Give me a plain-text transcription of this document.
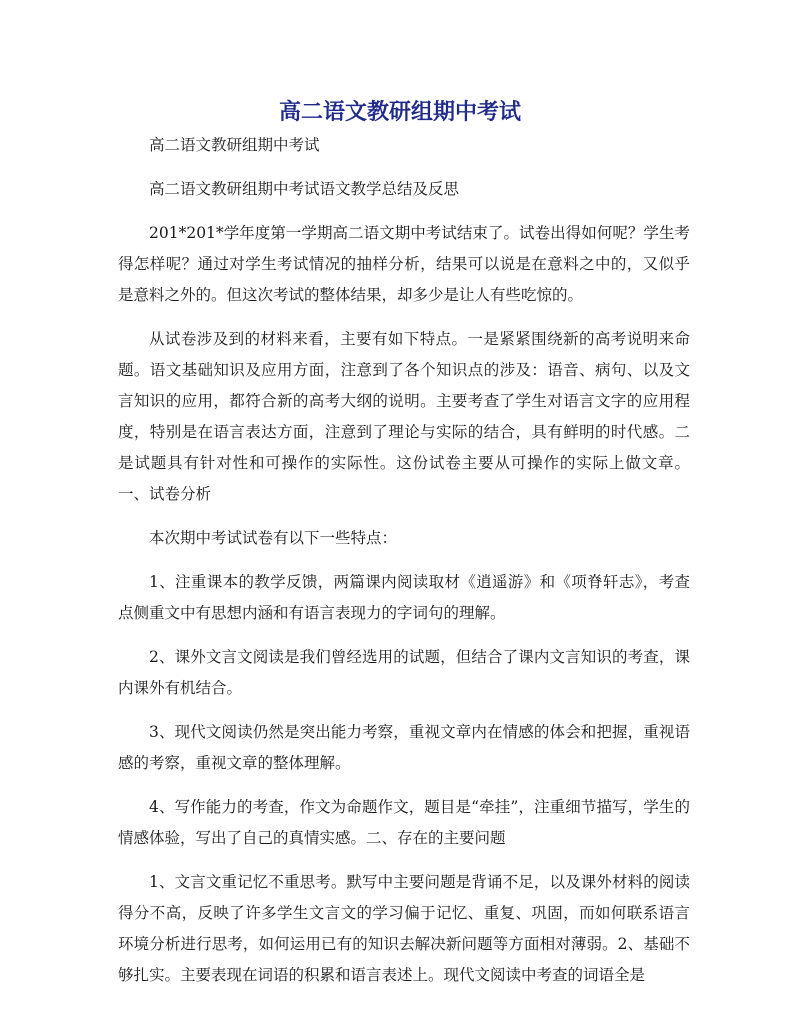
高二语文教研组期中考试

高二语文教研组期中考试

高二语文教研组期中考试语文教学总结及反思

201*201*学年度第一学期高二语文期中考试结束了。试卷出得如何呢？学生考得怎样呢？通过对学生考试情况的抽样分析，结果可以说是在意料之中的，又似乎是意料之外的。但这次考试的整体结果，却多少是让人有些吃惊的。

从试卷涉及到的材料来看，主要有如下特点。一是紧紧围绕新的高考说明来命题。语文基础知识及应用方面，注意到了各个知识点的涉及：语音、病句、以及文言知识的应用，都符合新的高考大纲的说明。主要考查了学生对语言文字的应用程度，特别是在语言表达方面，注意到了理论与实际的结合，具有鲜明的时代感。二是试题具有针对性和可操作的实际性。这份试卷主要从可操作的实际上做文章。一、试卷分析

本次期中考试试卷有以下一些特点：

1、注重课本的教学反馈，两篇课内阅读取材《逍遥游》和《项脊轩志》，考查点侧重文中有思想内涵和有语言表现力的字词句的理解。

2、课外文言文阅读是我们曾经选用的试题，但结合了课内文言知识的考查，课内课外有机结合。

3、现代文阅读仍然是突出能力考察，重视文章内在情感的体会和把握，重视语感的考察，重视文章的整体理解。

4、写作能力的考查，作文为命题作文，题目是“牵挂”，注重细节描写，学生的情感体验，写出了自己的真情实感。二、存在的主要问题

1、文言文重记忆不重思考。默写中主要问题是背诵不足，以及课外材料的阅读得分不高，反映了许多学生文言文的学习偏于记忆、重复、巩固，而如何联系语言环境分析进行思考，如何运用已有的知识去解决新问题等方面相对薄弱。2、基础不够扎实。主要表现在词语的积累和语言表述上。现代文阅读中考查的词语全是
